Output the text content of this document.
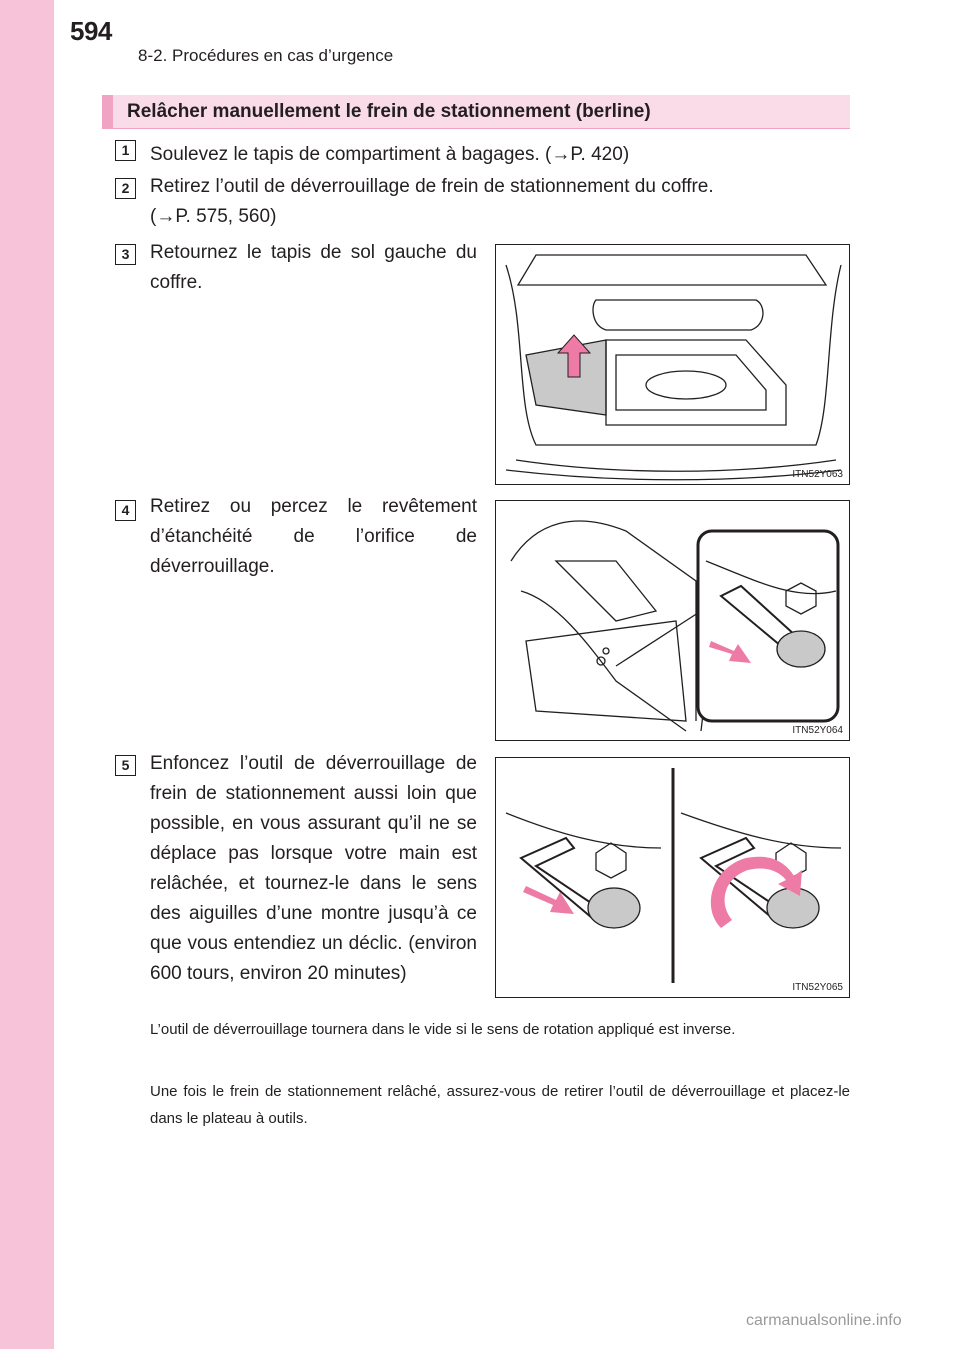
594
8-2. Procédures en cas d’urgence
Relâcher manuellement le frein de stationnement (berline)
1	Soulevez le tapis de compartiment à bagages. (→P. 420)
2	Retirez l’outil de déverrouillage de frein de stationnement du coffre.
(→P. 575, 560)
3	Retournez le tapis de sol gauche du coffre.
ITN52Y063
4	Retirez ou percez le revêtement d’étanchéité de l’orifice de déverrouillage.
ITN52Y064
5	Enfoncez l’outil de déverrouillage de frein de stationnement aussi loin que possible, en vous assurant qu’il ne se déplace pas lorsque votre main est relâchée, et tournez-le dans le sens des aiguilles d’une montre jusqu’à ce que vous entendiez un déclic. (environ 600 tours, environ 20 minutes)
ITN52Y065
L’outil de déverrouillage tournera dans le vide si le sens de rotation appliqué est inverse.
Une fois le frein de stationnement relâché, assurez-vous de retirer l’outil de déverrouillage et placez-le dans le plateau à outils.
carmanualsonline.info
